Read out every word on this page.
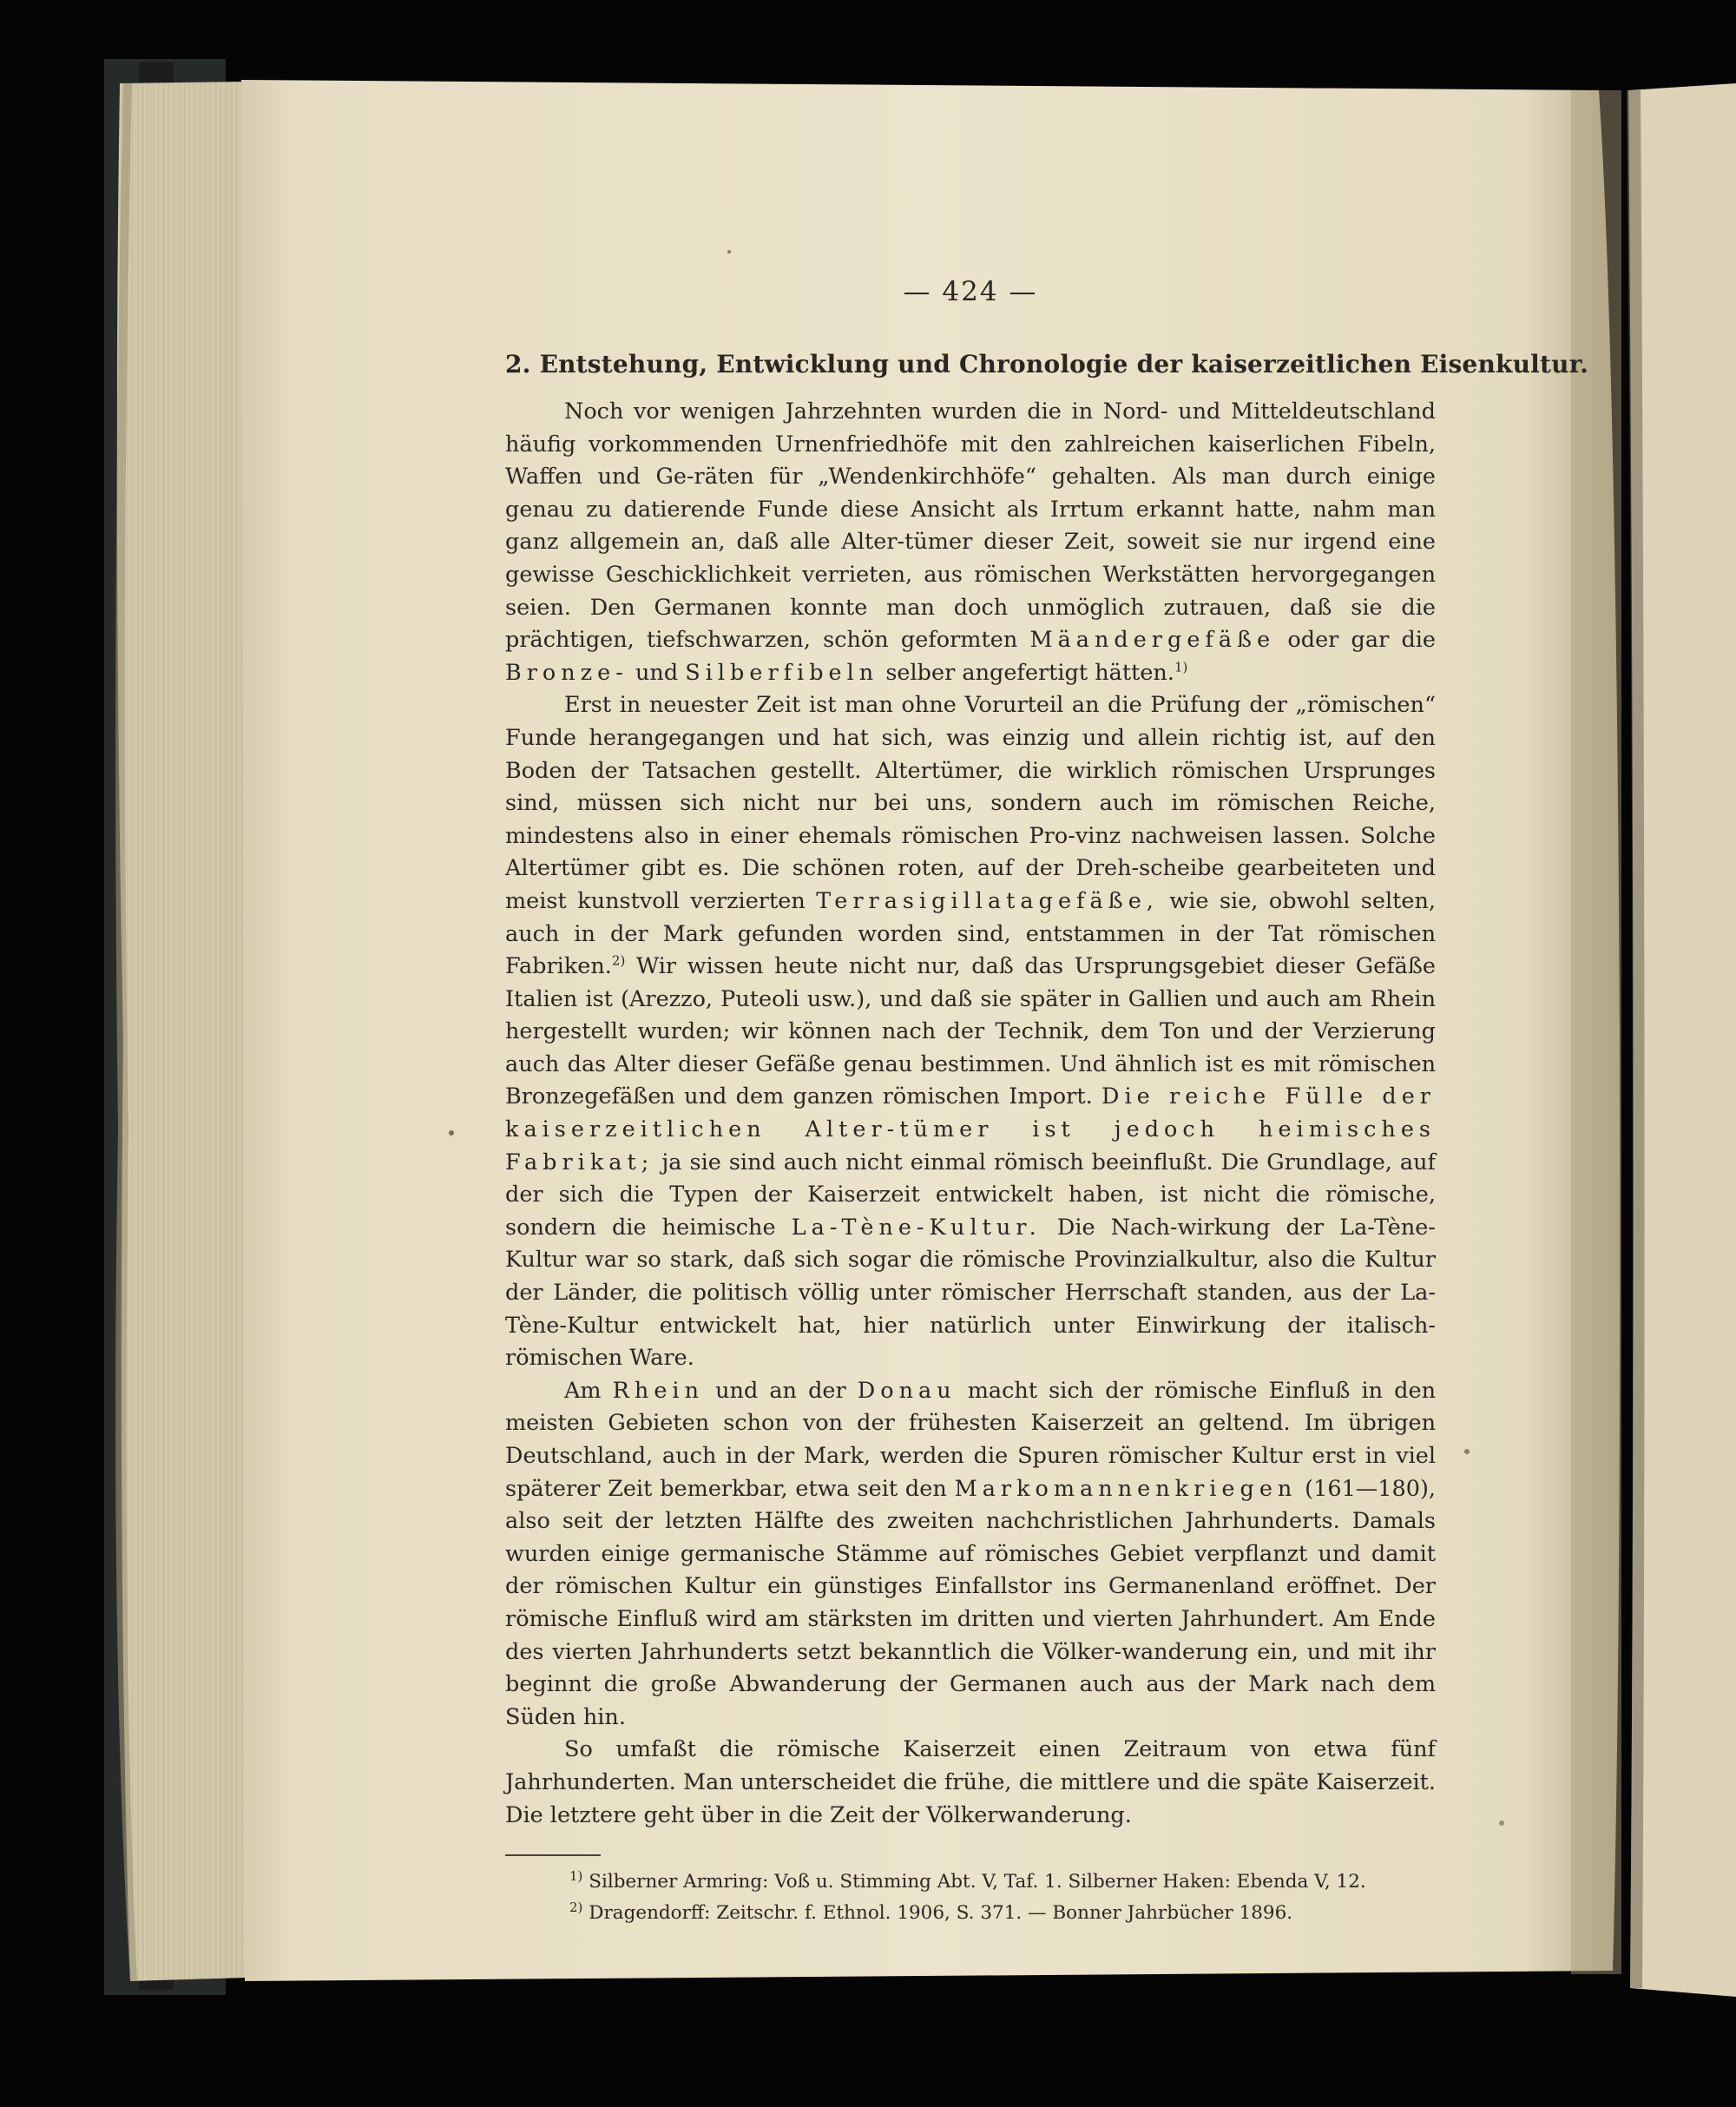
— 424 —
2. Entstehung, Entwicklung und Chronologie der kaiserzeitlichen Eisenkultur.

Noch vor wenigen Jahrzehnten wurden die in Nord- und Mitteldeutschland häufig vorkommenden Urnenfriedhöfe mit den zahlreichen kaiserlichen Fibeln, Waffen und Ge-räten für „Wendenkirchhöfe“ gehalten. Als man durch einige genau zu datierende Funde diese Ansicht als Irrtum erkannt hatte, nahm man ganz allgemein an, daß alle Alter-tümer dieser Zeit, soweit sie nur irgend eine gewisse Geschicklichkeit verrieten, aus römischen Werkstätten hervorgegangen seien. Den Germanen konnte man doch unmöglich zutrauen, daß sie die prächtigen, tiefschwarzen, schön geformten Mäandergefäße oder gar die Bronze- und Silberfibeln selber angefertigt hätten.$^{1)}$

Erst in neuester Zeit ist man ohne Vorurteil an die Prüfung der „römischen“ Funde herangegangen und hat sich, was einzig und allein richtig ist, auf den Boden der Tatsachen gestellt. Altertümer, die wirklich römischen Ursprunges sind, müssen sich nicht nur bei uns, sondern auch im römischen Reiche, mindestens also in einer ehemals römischen Pro-vinz nachweisen lassen. Solche Altertümer gibt es. Die schönen roten, auf der Dreh-scheibe gearbeiteten und meist kunstvoll verzierten Terrasigillatagefäße, wie sie, obwohl selten, auch in der Mark gefunden worden sind, entstammen in der Tat römischen Fabriken.$^{2)}$ Wir wissen heute nicht nur, daß das Ursprungsgebiet dieser Gefäße Italien ist (Arezzo, Puteoli usw.), und daß sie später in Gallien und auch am Rhein hergestellt wurden; wir können nach der Technik, dem Ton und der Verzierung auch das Alter dieser Gefäße genau bestimmen. Und ähnlich ist es mit römischen Bronzegefäßen und dem ganzen römischen Import. Die reiche Fülle der kaiserzeitlichen Alter-tümer ist jedoch heimisches Fabrikat; ja sie sind auch nicht einmal römisch beeinflußt. Die Grundlage, auf der sich die Typen der Kaiserzeit entwickelt haben, ist nicht die römische, sondern die heimische La-Tène-Kultur. Die Nach-wirkung der La-Tène-Kultur war so stark, daß sich sogar die römische Provinzialkultur, also die Kultur der Länder, die politisch völlig unter römischer Herrschaft standen, aus der La-Tène-Kultur entwickelt hat, hier natürlich unter Einwirkung der italisch-römischen Ware.

Am Rhein und an der Donau macht sich der römische Einfluß in den meisten Gebieten schon von der frühesten Kaiserzeit an geltend. Im übrigen Deutschland, auch in der Mark, werden die Spuren römischer Kultur erst in viel späterer Zeit bemerkbar, etwa seit den Markomannenkriegen (161—180), also seit der letzten Hälfte des zweiten nachchristlichen Jahrhunderts. Damals wurden einige germanische Stämme auf römisches Gebiet verpflanzt und damit der römischen Kultur ein günstiges Einfallstor ins Germanenland eröffnet. Der römische Einfluß wird am stärksten im dritten und vierten Jahrhundert. Am Ende des vierten Jahrhunderts setzt bekanntlich die Völker-wanderung ein, und mit ihr beginnt die große Abwanderung der Germanen auch aus der Mark nach dem Süden hin.

So umfaßt die römische Kaiserzeit einen Zeitraum von etwa fünf Jahrhunderten. Man unterscheidet die frühe, die mittlere und die späte Kaiserzeit. Die letztere geht über in die Zeit der Völkerwanderung.

$^{1)}$ Silberner Armring: Voß u. Stimming Abt. V, Taf. 1. Silberner Haken: Ebenda V, 12.
$^{2)}$ Dragendorff: Zeitschr. f. Ethnol. 1906, S. 371. — Bonner Jahrbücher 1896.
